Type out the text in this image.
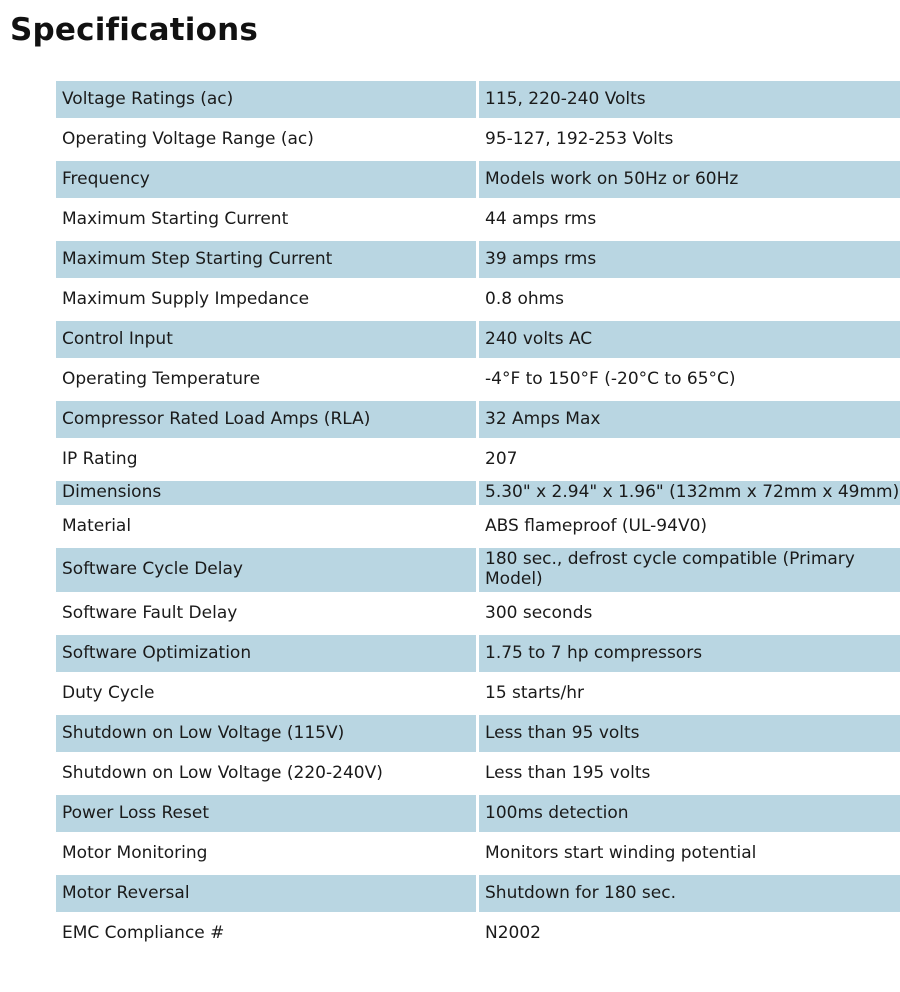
Specifications
Voltage Ratings (ac)	115, 220-240 Volts
Operating Voltage Range (ac)	95-127, 192-253 Volts
Frequency	Models work on 50Hz or 60Hz
Maximum Starting Current	44 amps rms
Maximum Step Starting Current	39 amps rms
Maximum Supply Impedance	0.8 ohms
Control Input	240 volts AC
Operating Temperature	-4°F to 150°F (-20°C to 65°C)
Compressor Rated Load Amps (RLA)	32 Amps Max
IP Rating	207
Dimensions	5.30" x 2.94" x 1.96" (132mm x 72mm x 49mm)
Material	ABS flameproof (UL-94V0)
Software Cycle Delay	180 sec., defrost cycle compatible (Primary Model)
Software Fault Delay	300 seconds
Software Optimization	1.75 to 7 hp compressors
Duty Cycle	15 starts/hr
Shutdown on Low Voltage (115V)	Less than 95 volts
Shutdown on Low Voltage (220-240V)	Less than 195 volts
Power Loss Reset	100ms detection
Motor Monitoring	Monitors start winding potential
Motor Reversal	Shutdown for 180 sec.
EMC Compliance #	N2002
